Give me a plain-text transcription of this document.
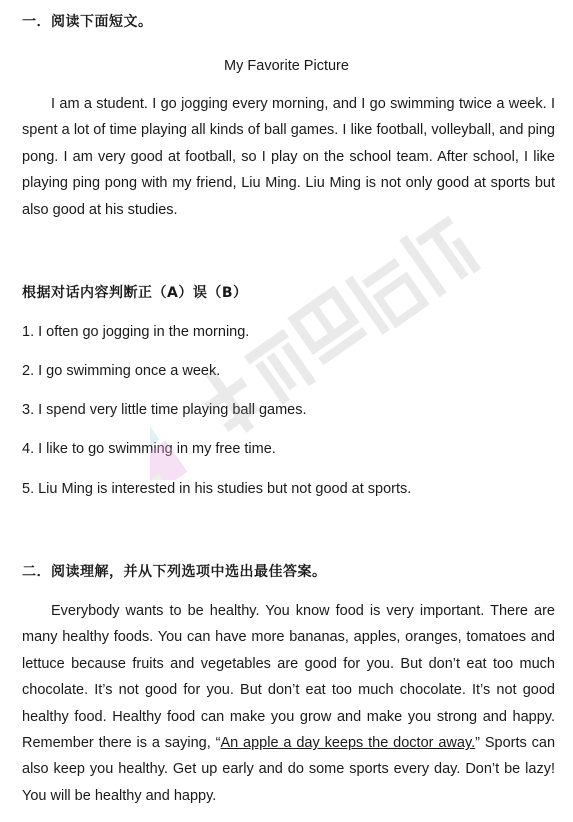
一．阅读下面短文。
My Favorite Picture

I am a student. I go jogging every morning, and I go swimming twice a week. I spent a lot of time playing all kinds of ball games. I like football, volleyball, and ping pong. I am very good at football, so I play on the school team. After school, I like playing ping pong with my friend, Liu Ming. Liu Ming is not only good at sports but also good at his studies.

根据对话内容判断正（A）误（B）
1. I often go jogging in the morning.
2. I go swimming once a week.
3. I spend very little time playing ball games.
4. I like to go swimming in my free time.
5. Liu Ming is interested in his studies but not good at sports.
二．阅读理解，并从下列选项中选出最佳答案。

Everybody wants to be healthy. You know food is very important. There are many healthy foods. You can have more bananas, apples, oranges, tomatoes and lettuce because fruits and vegetables are good for you. But don’t eat too much chocolate. It’s not good for you. But don’t eat too much chocolate. It’s not good healthy food. Healthy food can make you grow and make you strong and happy. Remember there is a saying, “An apple a day keeps the doctor away.” Sports can also keep you healthy. Get up early and do some sports every day. Don’t be lazy! You will be healthy and happy.
